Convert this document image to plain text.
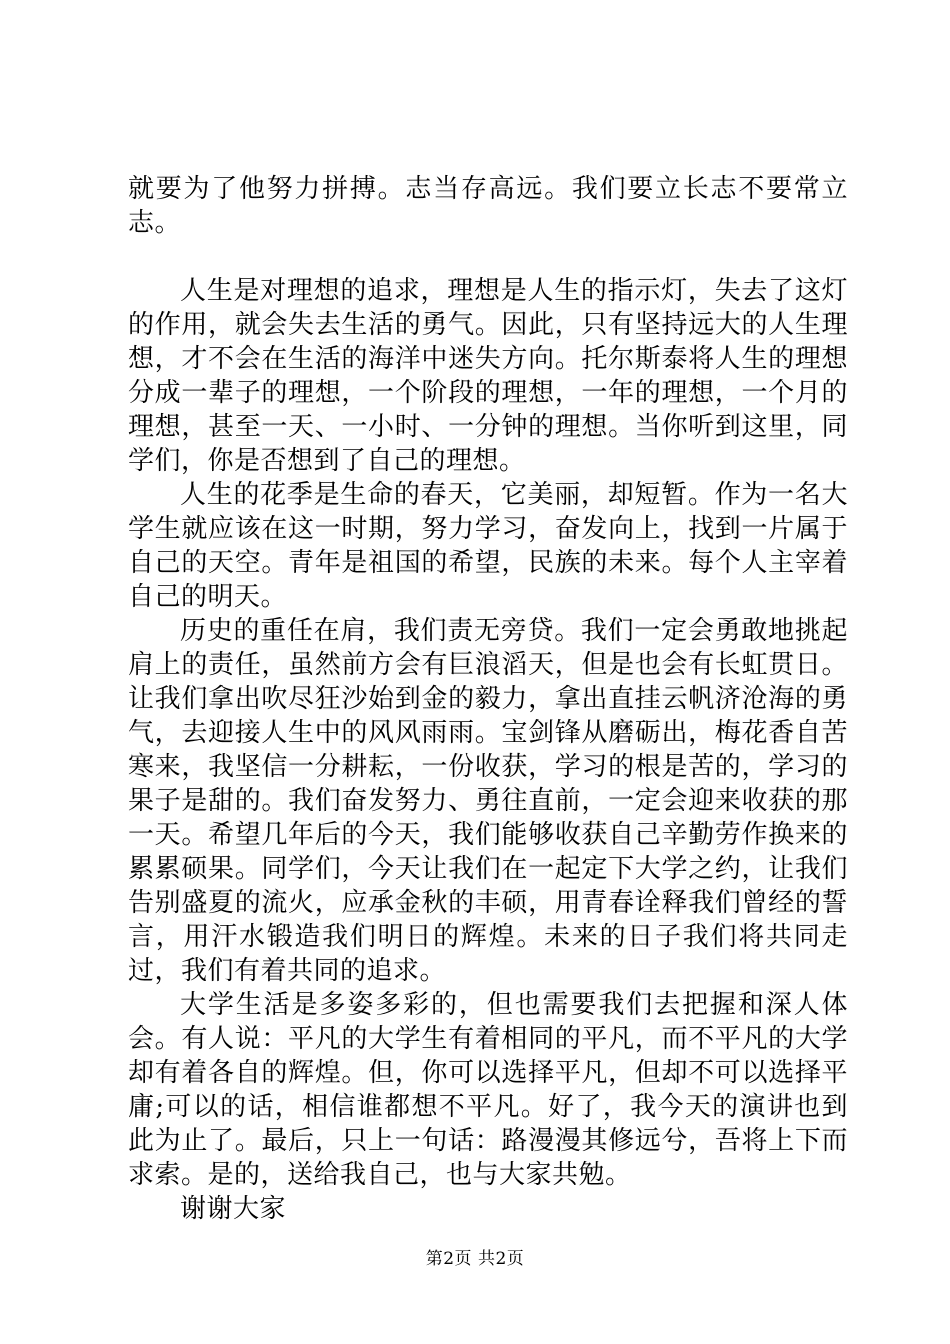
就要为了他努力拼搏。志当存高远。我们要立长志不要常立志。

人生是对理想的追求，理想是人生的指示灯，失去了这灯的作用，就会失去生活的勇气。因此，只有坚持远大的人生理想，才不会在生活的海洋中迷失方向。托尔斯泰将人生的理想分成一辈子的理想，一个阶段的理想，一年的理想，一个月的理想，甚至一天、一小时、一分钟的理想。当你听到这里，同学们，你是否想到了自己的理想。

人生的花季是生命的春天，它美丽，却短暂。作为一名大学生就应该在这一时期，努力学习，奋发向上，找到一片属于自己的天空。青年是祖国的希望，民族的未来。每个人主宰着自己的明天。

历史的重任在肩，我们责无旁贷。我们一定会勇敢地挑起肩上的责任，虽然前方会有巨浪滔天，但是也会有长虹贯日。让我们拿出吹尽狂沙始到金的毅力，拿出直挂云帆济沧海的勇气，去迎接人生中的风风雨雨。宝剑锋从磨砺出，梅花香自苦寒来，我坚信一分耕耘，一份收获，学习的根是苦的，学习的果子是甜的。我们奋发努力、勇往直前，一定会迎来收获的那一天。希望几年后的今天，我们能够收获自己辛勤劳作换来的累累硕果。同学们，今天让我们在一起定下大学之约，让我们告别盛夏的流火，应承金秋的丰硕，用青春诠释我们曾经的誓言，用汗水锻造我们明日的辉煌。未来的日子我们将共同走过，我们有着共同的追求。

大学生活是多姿多彩的，但也需要我们去把握和深人体会。有人说：平凡的大学生有着相同的平凡，而不平凡的大学却有着各自的辉煌。但，你可以选择平凡，但却不可以选择平庸;可以的话，相信谁都想不平凡。好了，我今天的演讲也到此为止了。最后，只上一句话：路漫漫其修远兮，吾将上下而求索。是的，送给我自己，也与大家共勉。

谢谢大家

第2页 共2页
